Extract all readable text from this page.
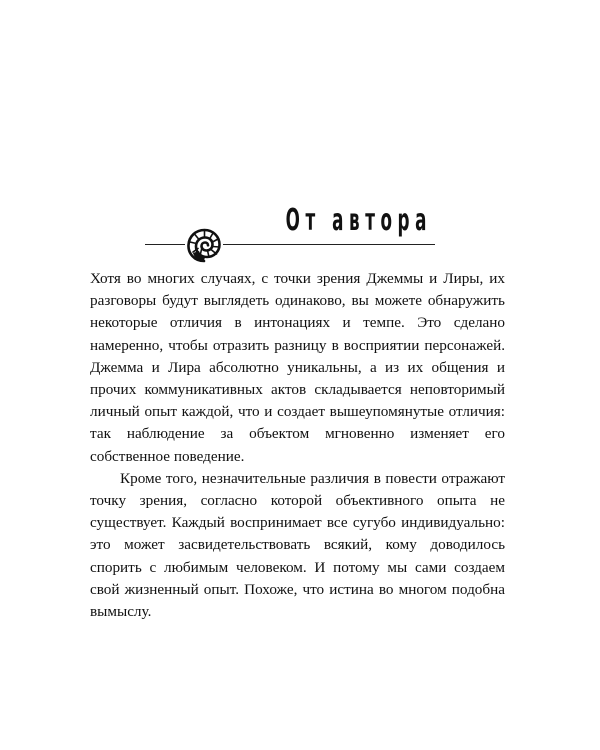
От автора

Хотя во многих случаях, с точки зрения Джеммы и Лиры, их разговоры будут выглядеть одинаково, вы можете обнаружить некоторые отличия в интонациях и темпе. Это сделано намеренно, чтобы отразить разницу в восприятии персонажей. Джемма и Лира абсолютно уникальны, а из их общения и прочих коммуникативных актов складывается неповторимый личный опыт каждой, что и создает вышеупомянутые отличия: так наблюдение за объектом мгновенно изменяет его собственное поведение.

Кроме того, незначительные различия в повести отражают точку зрения, согласно которой объективного опыта не существует. Каждый воспринимает все сугубо индивидуально: это может засвидетельствовать всякий, кому доводилось спорить с любимым человеком. И потому мы сами создаем свой жизненный опыт. Похоже, что истина во многом подобна вымыслу.
